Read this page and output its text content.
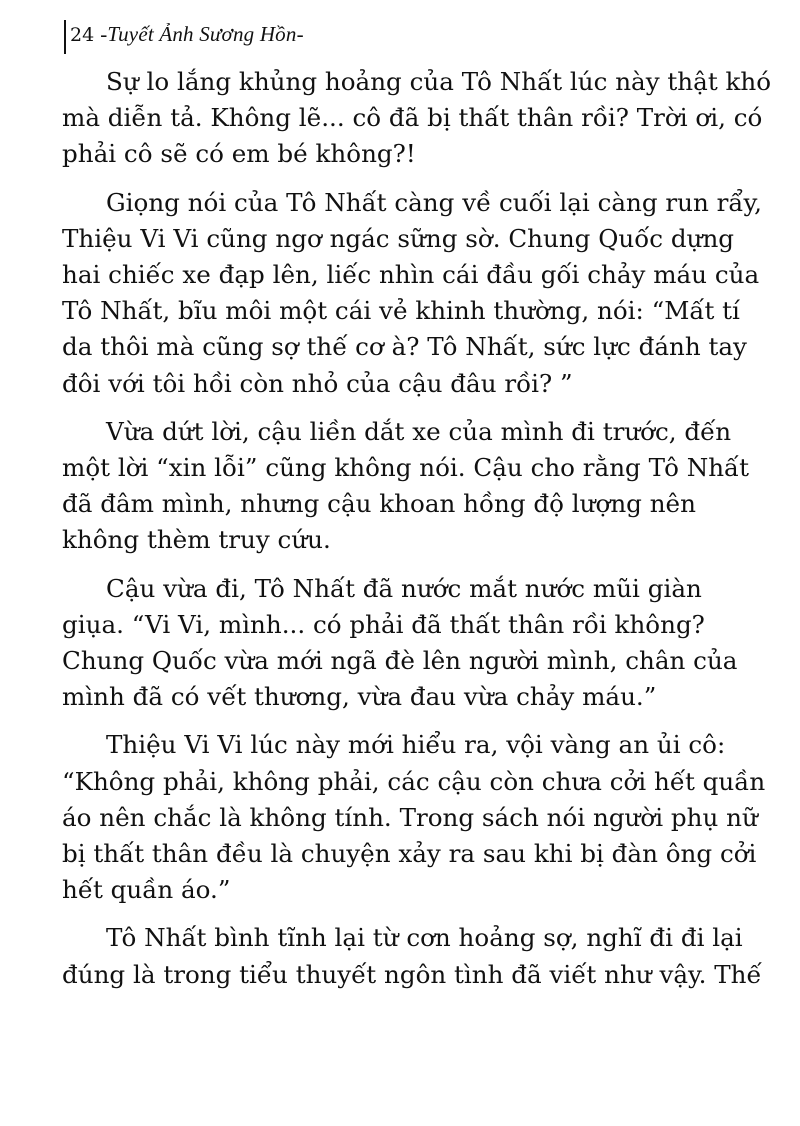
24 -Tuyết Ảnh Sương Hồn-
Sự lo lắng khủng hoảng của Tô Nhất lúc này thật khó
mà diễn tả. Không lẽ... cô đã bị thất thân rồi? Trời ơi, có
phải cô sẽ có em bé không?!
Giọng nói của Tô Nhất càng về cuối lại càng run rẩy,
Thiệu Vi Vi cũng ngơ ngác sững sờ. Chung Quốc dựng
hai chiếc xe đạp lên, liếc nhìn cái đầu gối chảy máu của
Tô Nhất, bĩu môi một cái vẻ khinh thường, nói: “Mất tí
da thôi mà cũng sợ thế cơ à? Tô Nhất, sức lực đánh tay
đôi với tôi hồi còn nhỏ của cậu đâu rồi? ”
Vừa dứt lời, cậu liền dắt xe của mình đi trước, đến
một lời “xin lỗi” cũng không nói. Cậu cho rằng Tô Nhất
đã đâm mình, nhưng cậu khoan hồng độ lượng nên
không thèm truy cứu.
Cậu vừa đi, Tô Nhất đã nước mắt nước mũi giàn
giụa. “Vi Vi, mình... có phải đã thất thân rồi không?
Chung Quốc vừa mới ngã đè lên người mình, chân của
mình đã có vết thương, vừa đau vừa chảy máu.”
Thiệu Vi Vi lúc này mới hiểu ra, vội vàng an ủi cô:
“Không phải, không phải, các cậu còn chưa cởi hết quần
áo nên chắc là không tính. Trong sách nói người phụ nữ
bị thất thân đều là chuyện xảy ra sau khi bị đàn ông cởi
hết quần áo.”
Tô Nhất bình tĩnh lại từ cơn hoảng sợ, nghĩ đi đi lại
đúng là trong tiểu thuyết ngôn tình đã viết như vậy. Thế
